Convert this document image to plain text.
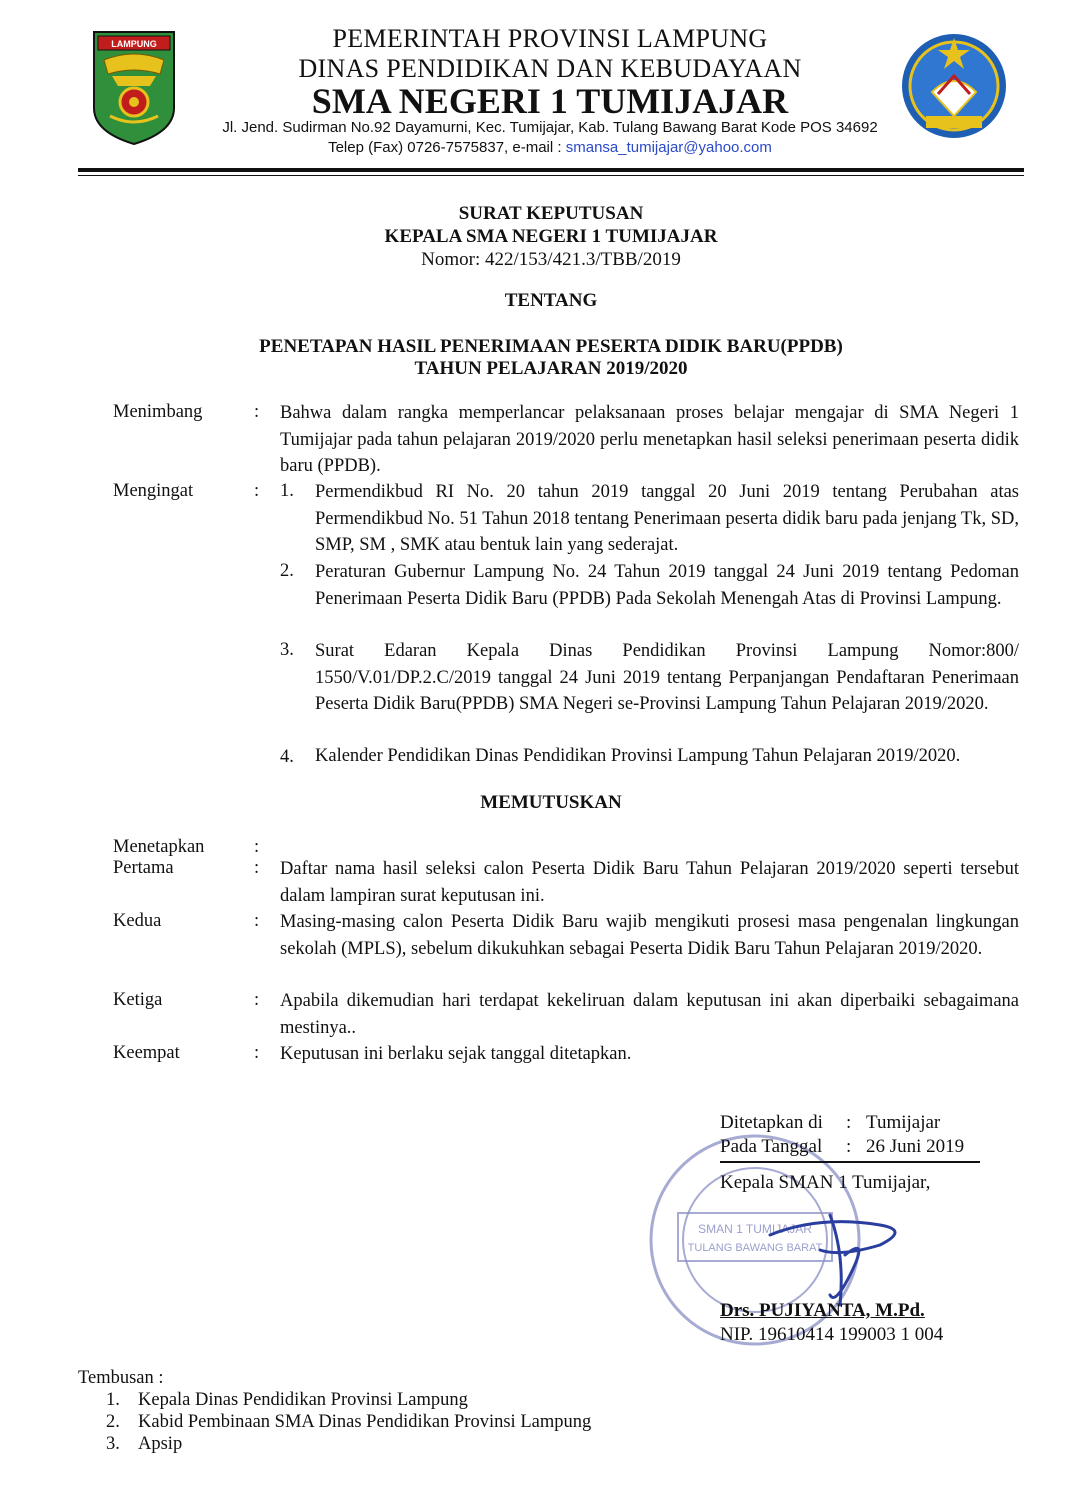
LAMPUNG	PEMERINTAH PROVINSI LAMPUNG
DINAS PENDIDIKAN DAN KEBUDAYAAN
SMA NEGERI 1 TUMIJAJAR
Jl. Jend. Sudirman No.92 Dayamurni, Kec. Tumijajar, Kab. Tulang Bawang Barat Kode POS 34692
Telep (Fax) 0726-7575837, e-mail : smansa_tumijajar@yahoo.com
SURAT KEPUTUSAN
KEPALA SMA NEGERI 1 TUMIJAJAR
Nomor: 422/153/421.3/TBB/2019
TENTANG
PENETAPAN HASIL PENERIMAAN PESERTA DIDIK BARU(PPDB)
TAHUN PELAJARAN 2019/2020
Menimbang	: Bahwa dalam rangka memperlancar pelaksanaan proses belajar mengajar di SMA Negeri 1 Tumijajar pada tahun pelajaran 2019/2020 perlu menetapkan hasil seleksi penerimaan peserta didik baru (PPDB).
Mengingat	: 1. Permendikbud RI No. 20 tahun 2019 tanggal 20 Juni 2019 tentang Perubahan atas Permendikbud No. 51 Tahun 2018 tentang Penerimaan peserta didik baru pada jenjang Tk, SD, SMP, SM , SMK atau bentuk lain yang sederajat.
2. Peraturan Gubernur Lampung No. 24 Tahun 2019 tanggal 24 Juni 2019 tentang Pedoman Penerimaan Peserta Didik Baru (PPDB) Pada Sekolah Menengah Atas di Provinsi Lampung.
3. Surat Edaran Kepala Dinas Pendidikan Provinsi Lampung Nomor:800/ 1550/V.01/DP.2.C/2019 tanggal 24 Juni 2019 tentang Perpanjangan Pendaftaran Penerimaan Peserta Didik Baru(PPDB) SMA Negeri se-Provinsi Lampung Tahun Pelajaran 2019/2020.
4. Kalender Pendidikan Dinas Pendidikan Provinsi Lampung Tahun Pelajaran 2019/2020.
MEMUTUSKAN
Menetapkan	:
Pertama	: Daftar nama hasil seleksi calon Peserta Didik Baru Tahun Pelajaran 2019/2020 seperti tersebut dalam lampiran surat keputusan ini.
Kedua	: Masing-masing calon Peserta Didik Baru wajib mengikuti prosesi masa pengenalan lingkungan sekolah (MPLS), sebelum dikukuhkan sebagai Peserta Didik Baru Tahun Pelajaran 2019/2020.
Ketiga	: Apabila dikemudian hari terdapat kekeliruan dalam keputusan ini akan diperbaiki sebagaimana mestinya..
Keempat	: Keputusan ini berlaku sejak tanggal ditetapkan.
SMAN 1 TUMIJAJAR
TULANG BAWANG BARAT
Ditetapkan di : Tumijajar
Pada Tanggal : 26 Juni 2019
Kepala SMAN 1 Tumijajar,
Drs. PUJIYANTA, M.Pd.
NIP. 19610414 199003 1 004
Tembusan :
1. Kepala Dinas Pendidikan Provinsi Lampung
2. Kabid Pembinaan SMA Dinas Pendidikan Provinsi Lampung
3. Apsip
